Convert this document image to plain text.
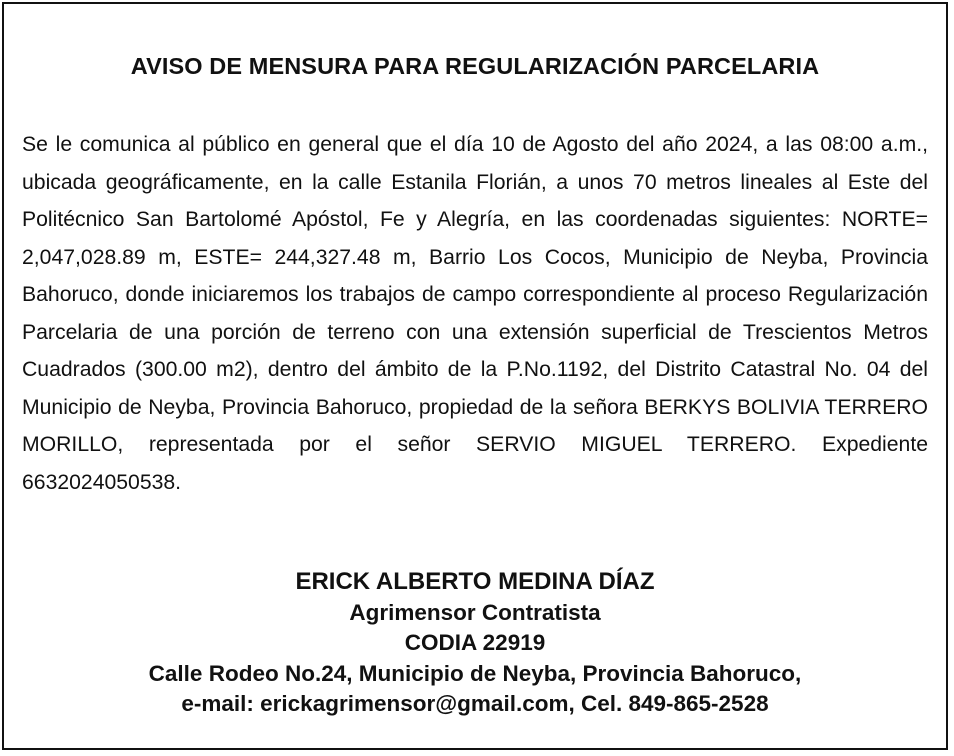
AVISO DE MENSURA PARA REGULARIZACIÓN PARCELARIA

Se le comunica al público en general que el día 10 de Agosto del año 2024, a las 08:00 a.m., ubicada geográficamente, en la calle Estanila Florián, a unos 70 metros lineales al Este del Politécnico San Bartolomé Apóstol, Fe y Alegría, en las coordenadas siguientes: NORTE= 2,047,028.89 m, ESTE= 244,327.48 m, Barrio Los Cocos, Municipio de Neyba, Provincia Bahoruco, donde iniciaremos los trabajos de campo correspondiente al proceso Regularización Parcelaria de una porción de terreno con una extensión superficial de Trescientos Metros Cuadrados (300.00 m2), dentro del ámbito de la P.No.1192, del Distrito Catastral No. 04 del Municipio de Neyba, Provincia Bahoruco, propiedad de la señora BERKYS BOLIVIA TERRERO MORILLO, representada por el señor SERVIO MIGUEL TERRERO. Expediente 6632024050538.

ERICK ALBERTO MEDINA DÍAZ
Agrimensor Contratista
CODIA 22919
Calle Rodeo No.24, Municipio de Neyba, Provincia Bahoruco,
e-mail: erickagrimensor@gmail.com, Cel. 849-865-2528
